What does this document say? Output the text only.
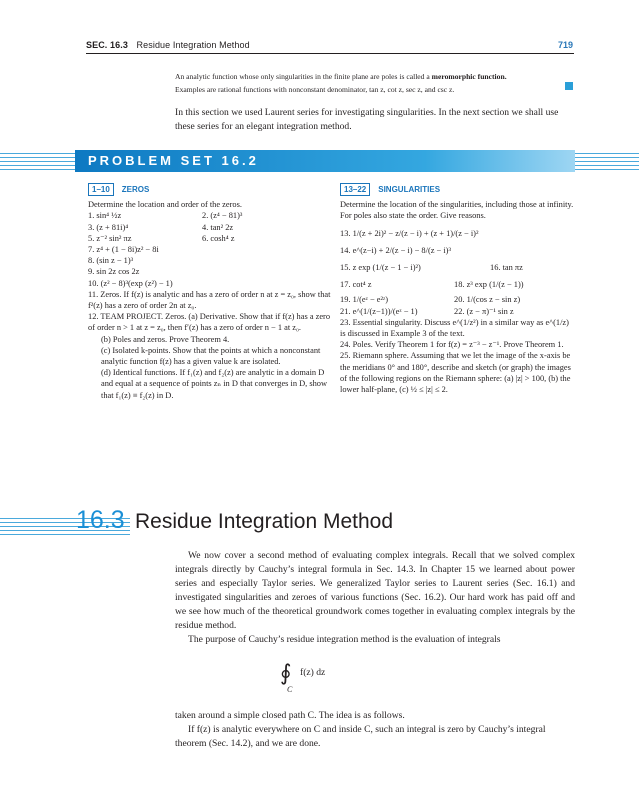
SEC. 16.3 Residue Integration Method	719
An analytic function whose only singularities in the finite plane are poles is called a meromorphic function.
Examples are rational functions with nonconstant denominator, tan z, cot z, sec z, and csc z.
In this section we used Laurent series for investigating singularities. In the next section we shall use these series for an elegant integration method.
PROBLEM SET 16.2
1–10 ZEROS

Determine the location and order of the zeros.

1. sin⁴ ½z	2. (z⁴ − 81)³
3. (z + 81i)⁴	4. tan² 2z
5. z⁻² sin² πz	6. cosh⁴ z

7. z⁴ + (1 − 8i)z² − 8i

8. (sin z − 1)³

9. sin 2z cos 2z

10. (z² − 8)³(exp (z²) − 1)

11. Zeros. If f(z) is analytic and has a zero of order n at z = z₀, show that f²(z) has a zero of order 2n at z₀.

12. TEAM PROJECT. Zeros. (a) Derivative. Show that if f(z) has a zero of order n > 1 at z = z₀, then f′(z) has a zero of order n − 1 at z₀.

(b) Poles and zeros. Prove Theorem 4.

(c) Isolated k-points. Show that the points at which a nonconstant analytic function f(z) has a given value k are isolated.

(d) Identical functions. If f₁(z) and f₂(z) are analytic in a domain D and equal at a sequence of points zₙ in D that converges in D, show that f₁(z) ≡ f₂(z) in D.

13–22 SINGULARITIES

Determine the location of the singularities, including those at infinity. For poles also state the order. Give reasons.

13. 1/(z + 2i)² − z/(z − i) + (z + 1)/(z − i)²

14. e^(z−i) + 2/(z − i) − 8/(z − i)³

15. z exp (1/(z − 1 − i)²)	16. tan πz
17. cot⁴ z	18. z³ exp (1/(z − 1))
19. 1/(eᶻ − e²ᶻ)	20. 1/(cos z − sin z)
21. e^(1/(z−1))/(eᶻ − 1)	22. (z − π)⁻¹ sin z

23. Essential singularity. Discuss e^(1/z²) in a similar way as e^(1/z) is discussed in Example 3 of the text.

24. Poles. Verify Theorem 1 for f(z) = z⁻³ − z⁻¹. Prove Theorem 1.

25. Riemann sphere. Assuming that we let the image of the x-axis be the meridians 0° and 180°, describe and sketch (or graph) the images of the following regions on the Riemann sphere: (a) |z| > 100, (b) the lower half-plane, (c) ½ ≤ |z| ≤ 2.

16.3 Residue Integration Method

We now cover a second method of evaluating complex integrals. Recall that we solved complex integrals directly by Cauchy’s integral formula in Sec. 14.3. In Chapter 15 we learned about power series and especially Taylor series. We generalized Taylor series to Laurent series (Sec. 16.1) and investigated singularities and zeroes of various functions (Sec. 16.2). Our hard work has paid off and we see how much of the theoretical groundwork comes together in evaluating complex integrals by the residue method.

The purpose of Cauchy’s residue integration method is the evaluation of integrals

∮ f(z) dz
C

taken around a simple closed path C. The idea is as follows.

If f(z) is analytic everywhere on C and inside C, such an integral is zero by Cauchy’s integral theorem (Sec. 14.2), and we are done.
